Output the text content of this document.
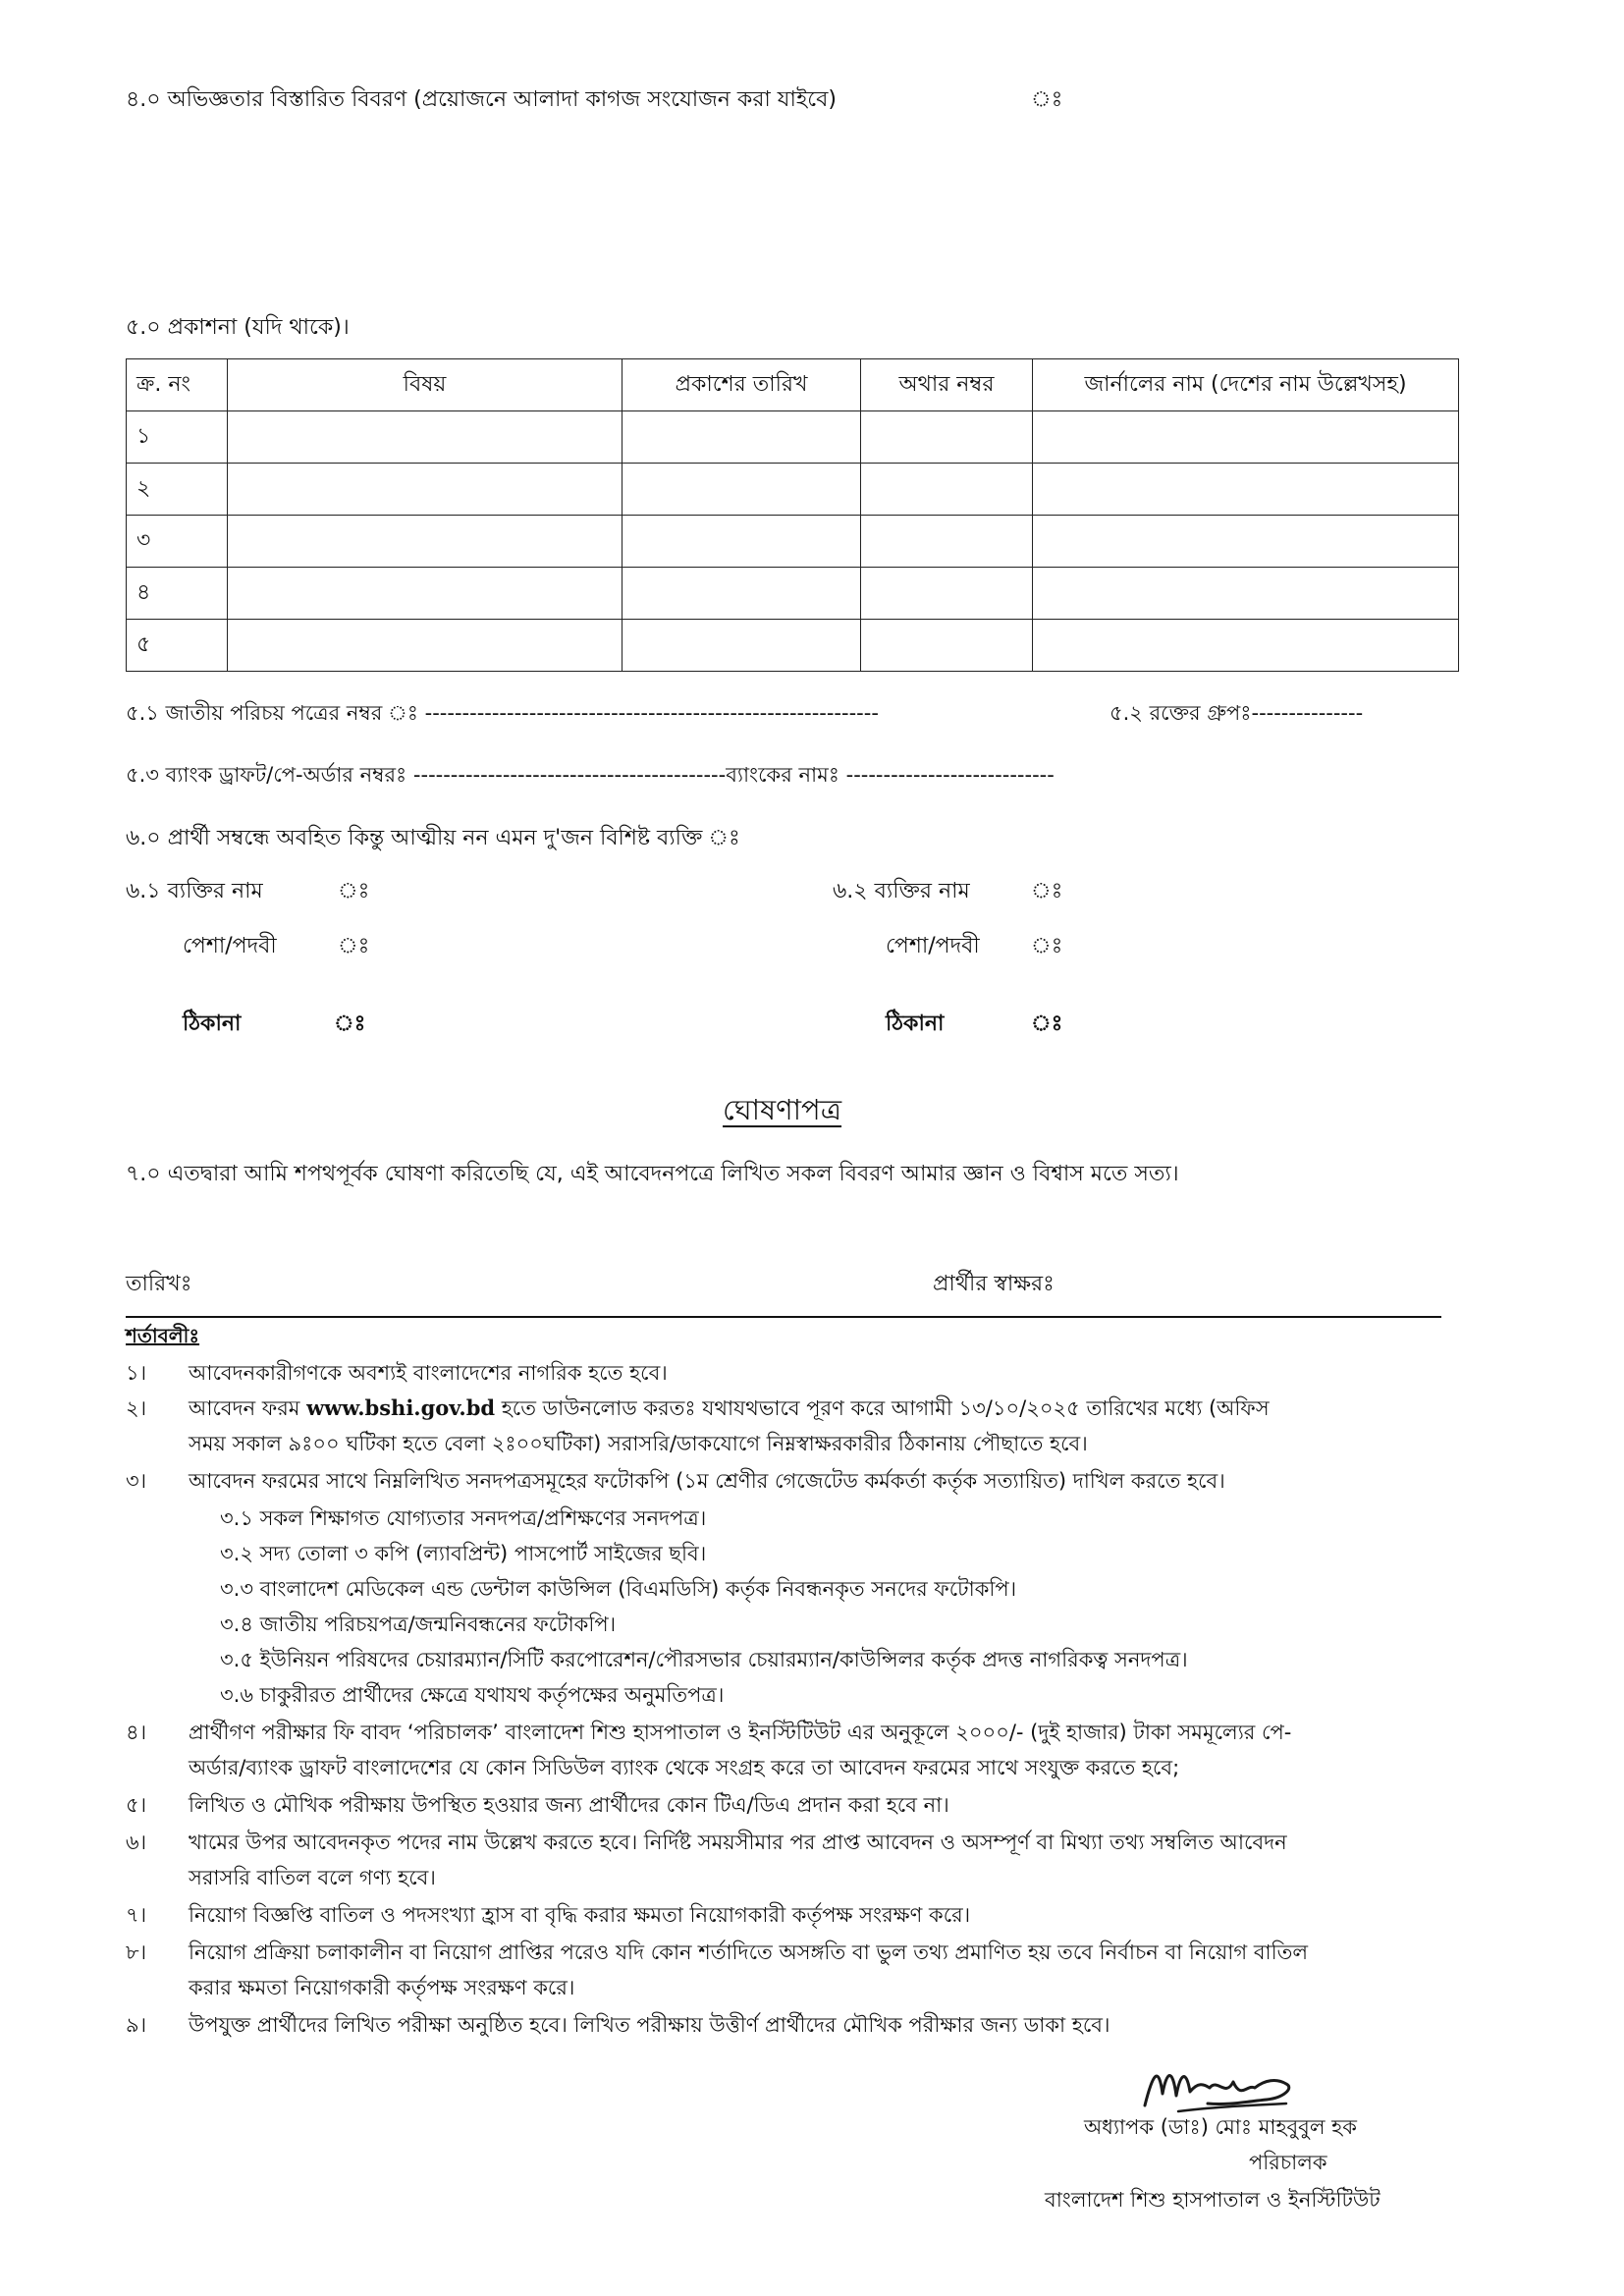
৪.০ অভিজ্ঞতার বিস্তারিত বিবরণ (প্রয়োজনে আলাদা কাগজ সংযোজন করা যাইবে)	ঃ
৫.০ প্রকাশনা (যদি থাকে)।
ক্র. নং	বিষয়	প্রকাশের তারিখ	অথার নম্বর	জার্নালের নাম (দেশের নাম উল্লেখসহ)
১				
২				
৩				
৪				
৫				
৫.১ জাতীয় পরিচয় পত্রের নম্বর ঃ -------------------------------------------------------------	৫.২ রক্তের গ্রুপঃ---------------
৫.৩ ব্যাংক ড্রাফট/পে-অর্ডার নম্বরঃ ------------------------------------------ব্যাংকের নামঃ ----------------------------
৬.০ প্রার্থী সম্বন্ধে অবহিত কিন্তু আত্মীয় নন এমন দু'জন বিশিষ্ট ব্যক্তি ঃ
৬.১ ব্যক্তির নাম	ঃ
পেশা/পদবী	ঃ
ঠিকানা	ঃ
৬.২ ব্যক্তির নাম	ঃ
পেশা/পদবী ঃ
ঠিকানা	ঃ
ঘোষণাপত্র
৭.০ এতদ্বারা আমি শপথপূর্বক ঘোষণা করিতেছি যে, এই আবেদনপত্রে লিখিত সকল বিবরণ আমার জ্ঞান ও বিশ্বাস মতে সত্য।
তারিখঃ	প্রার্থীর স্বাক্ষরঃ
শর্তাবলীঃ
১। আবেদনকারীগণকে অবশ্যই বাংলাদেশের নাগরিক হতে হবে।
২। আবেদন ফরম www.bshi.gov.bd হতে ডাউনলোড করতঃ যথাযথভাবে পূরণ করে আগামী ১৩/১০/২০২৫ তারিখের মধ্যে (অফিস
সময় সকাল ৯ঃ০০ ঘটিকা হতে বেলা ২ঃ০০ঘটিকা) সরাসরি/ডাকযোগে নিম্নস্বাক্ষরকারীর ঠিকানায় পৌছাতে হবে।
৩। আবেদন ফরমের সাথে নিম্নলিখিত সনদপত্রসমূহের ফটোকপি (১ম শ্রেণীর গেজেটেড কর্মকর্তা কর্তৃক সত্যায়িত) দাখিল করতে হবে।
৩.১ সকল শিক্ষাগত যোগ্যতার সনদপত্র/প্রশিক্ষণের সনদপত্র।
৩.২ সদ্য তোলা ৩ কপি (ল্যাবপ্রিন্ট) পাসপোর্ট সাইজের ছবি।
৩.৩ বাংলাদেশ মেডিকেল এন্ড ডেন্টাল কাউন্সিল (বিএমডিসি) কর্তৃক নিবন্ধনকৃত সনদের ফটোকপি।
৩.৪ জাতীয় পরিচয়পত্র/জন্মনিবন্ধনের ফটোকপি।
৩.৫ ইউনিয়ন পরিষদের চেয়ারম্যান/সিটি করপোরেশন/পৌরসভার চেয়ারম্যান/কাউন্সিলর কর্তৃক প্রদত্ত নাগরিকত্ব সনদপত্র।
৩.৬ চাকুরীরত প্রার্থীদের ক্ষেত্রে যথাযথ কর্তৃপক্ষের অনুমতিপত্র।
৪। প্রার্থীগণ পরীক্ষার ফি বাবদ ‘পরিচালক’ বাংলাদেশ শিশু হাসপাতাল ও ইনস্টিটিউট এর অনুকূলে ২০০০/- (দুই হাজার) টাকা সমমূল্যের পে-
অর্ডার/ব্যাংক ড্রাফট বাংলাদেশের যে কোন সিডিউল ব্যাংক থেকে সংগ্রহ করে তা আবেদন ফরমের সাথে সংযুক্ত করতে হবে;
৫। লিখিত ও মৌখিক পরীক্ষায় উপস্থিত হওয়ার জন্য প্রার্থীদের কোন টিএ/ডিএ প্রদান করা হবে না।
৬। খামের উপর আবেদনকৃত পদের নাম উল্লেখ করতে হবে। নির্দিষ্ট সময়সীমার পর প্রাপ্ত আবেদন ও অসম্পূর্ণ বা মিথ্যা তথ্য সম্বলিত আবেদন
সরাসরি বাতিল বলে গণ্য হবে।
৭। নিয়োগ বিজ্ঞপ্তি বাতিল ও পদসংখ্যা হ্রাস বা বৃদ্ধি করার ক্ষমতা নিয়োগকারী কর্তৃপক্ষ সংরক্ষণ করে।
৮। নিয়োগ প্রক্রিয়া চলাকালীন বা নিয়োগ প্রাপ্তির পরেও যদি কোন শর্তাদিতে অসঙ্গতি বা ভুল তথ্য প্রমাণিত হয় তবে নির্বাচন বা নিয়োগ বাতিল
করার ক্ষমতা নিয়োগকারী কর্তৃপক্ষ সংরক্ষণ করে।
৯। উপযুক্ত প্রার্থীদের লিখিত পরীক্ষা অনুষ্ঠিত হবে। লিখিত পরীক্ষায় উত্তীর্ণ প্রার্থীদের মৌখিক পরীক্ষার জন্য ডাকা হবে।
অধ্যাপক (ডাঃ) মোঃ মাহবুবুল হক
পরিচালক
বাংলাদেশ শিশু হাসপাতাল ও ইনস্টিটিউট
